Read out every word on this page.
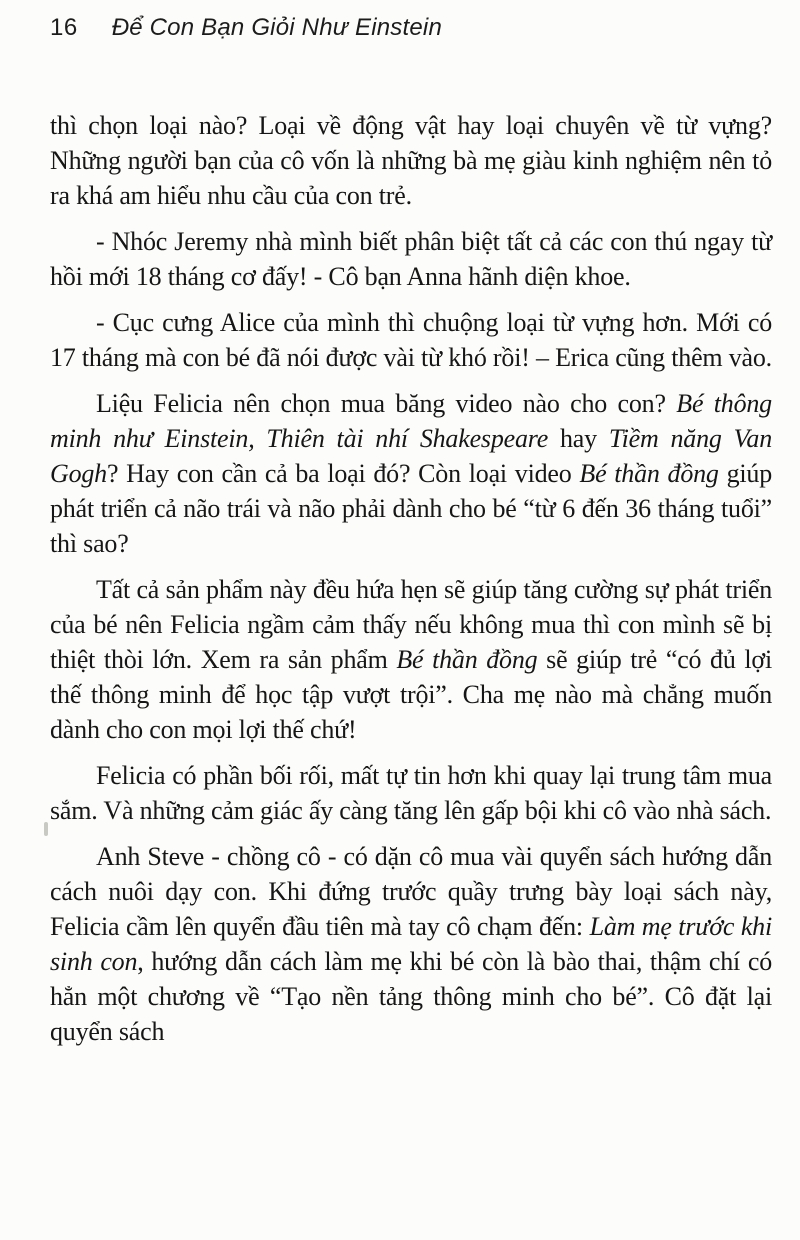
16 Để Con Bạn Giỏi Như Einstein

thì chọn loại nào? Loại về động vật hay loại chuyên về từ vựng? Những người bạn của cô vốn là những bà mẹ giàu kinh nghiệm nên tỏ ra khá am hiểu nhu cầu của con trẻ.

- Nhóc Jeremy nhà mình biết phân biệt tất cả các con thú ngay từ hồi mới 18 tháng cơ đấy! - Cô bạn Anna hãnh diện khoe.

- Cục cưng Alice của mình thì chuộng loại từ vựng hơn. Mới có 17 tháng mà con bé đã nói được vài từ khó rồi! – Erica cũng thêm vào.

Liệu Felicia nên chọn mua băng video nào cho con? Bé thông minh như Einstein, Thiên tài nhí Shakespeare hay Tiềm năng Van Gogh? Hay con cần cả ba loại đó? Còn loại video Bé thần đồng giúp phát triển cả não trái và não phải dành cho bé “từ 6 đến 36 tháng tuổi” thì sao?

Tất cả sản phẩm này đều hứa hẹn sẽ giúp tăng cường sự phát triển của bé nên Felicia ngầm cảm thấy nếu không mua thì con mình sẽ bị thiệt thòi lớn. Xem ra sản phẩm Bé thần đồng sẽ giúp trẻ “có đủ lợi thế thông minh để học tập vượt trội”. Cha mẹ nào mà chẳng muốn dành cho con mọi lợi thế chứ!

Felicia có phần bối rối, mất tự tin hơn khi quay lại trung tâm mua sắm. Và những cảm giác ấy càng tăng lên gấp bội khi cô vào nhà sách.

Anh Steve - chồng cô - có dặn cô mua vài quyển sách hướng dẫn cách nuôi dạy con. Khi đứng trước quầy trưng bày loại sách này, Felicia cầm lên quyển đầu tiên mà tay cô chạm đến: Làm mẹ trước khi sinh con, hướng dẫn cách làm mẹ khi bé còn là bào thai, thậm chí có hẳn một chương về “Tạo nền tảng thông minh cho bé”. Cô đặt lại quyển sách
